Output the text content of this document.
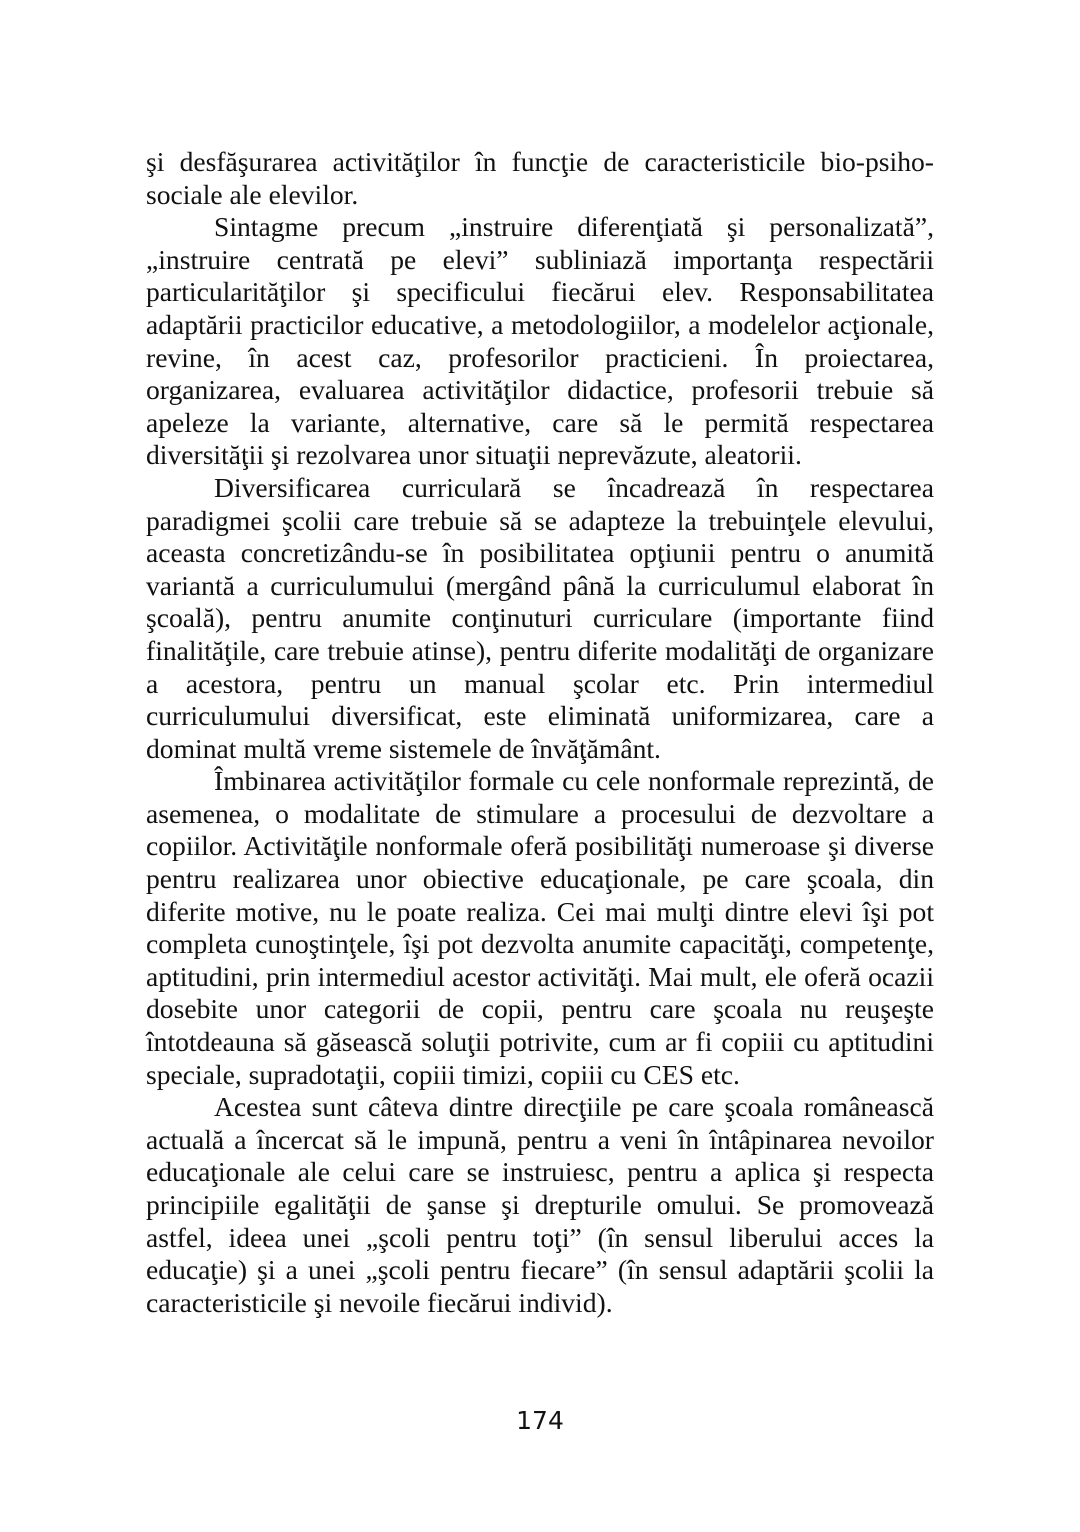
şi desfăşurarea activităţilor în funcţie de caracteristicile bio-psiho-sociale ale elevilor.

Sintagme precum „instruire diferenţiată şi personalizată”, „instruire centrată pe elevi” subliniază importanţa respectării particularităţilor şi specificului fiecărui elev. Responsabilitatea adaptării practicilor educative, a metodologiilor, a modelelor acţionale, revine, în acest caz, profesorilor practicieni. În proiectarea, organizarea, evaluarea activităţilor didactice, profesorii trebuie să apeleze la variante, alternative, care să le permită respectarea diversităţii şi rezolvarea unor situaţii neprevăzute, aleatorii.

Diversificarea curriculară se încadrează în respectarea paradigmei şcolii care trebuie să se adapteze la trebuinţele elevului, aceasta concretizându-se în posibilitatea opţiunii pentru o anumită variantă a curriculumului (mergând până la curriculumul elaborat în şcoală), pentru anumite conţinuturi curriculare (importante fiind finalităţile, care trebuie atinse), pentru diferite modalităţi de organizare a acestora, pentru un manual şcolar etc. Prin intermediul curriculumului diversificat, este eliminată uniformizarea, care a dominat multă vreme sistemele de învăţământ.

Îmbinarea activităţilor formale cu cele nonformale reprezintă, de asemenea, o modalitate de stimulare a procesului de dezvoltare a copiilor. Activităţile nonformale oferă posibilităţi numeroase şi diverse pentru realizarea unor obiective educaţionale, pe care şcoala, din diferite motive, nu le poate realiza. Cei mai mulţi dintre elevi îşi pot completa cunoştinţele, îşi pot dezvolta anumite capacităţi, competenţe, aptitudini, prin intermediul acestor activităţi. Mai mult, ele oferă ocazii dosebite unor categorii de copii, pentru care şcoala nu reuşeşte întotdeauna să găsească soluţii potrivite, cum ar fi copiii cu aptitudini speciale, supradotaţii, copiii timizi, copiii cu CES etc.

Acestea sunt câteva dintre direcţiile pe care şcoala românească actuală a încercat să le impună, pentru a veni în întâpinarea nevoilor educaţionale ale celui care se instruiesc, pentru a aplica şi respecta principiile egalităţii de şanse şi drepturile omului. Se promovează astfel, ideea unei „şcoli pentru toţi” (în sensul liberului acces la educaţie) şi a unei „şcoli pentru fiecare” (în sensul adaptării şcolii la caracteristicile şi nevoile fiecărui individ).

174
